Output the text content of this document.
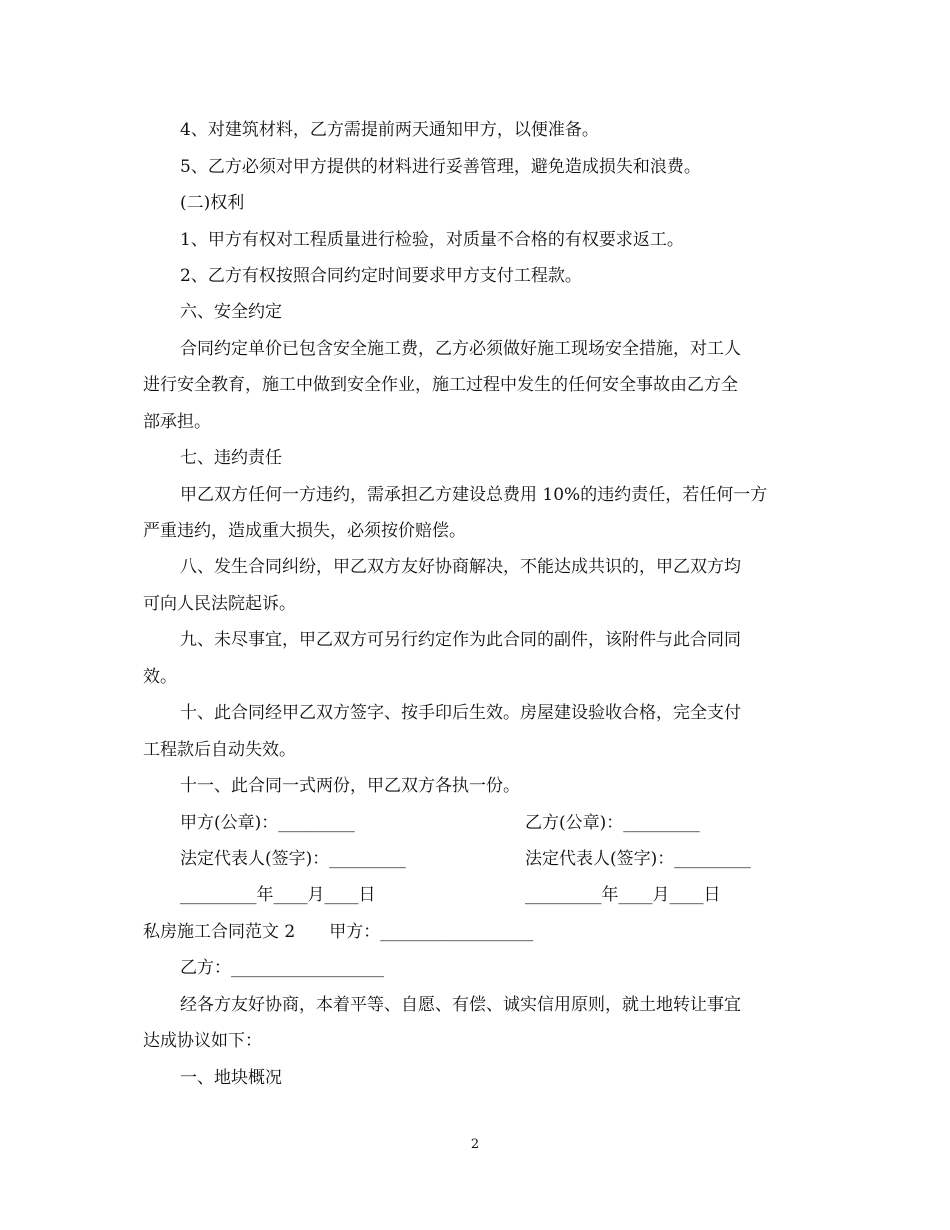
4、对建筑材料，乙方需提前两天通知甲方，以便准备。
5、乙方必须对甲方提供的材料进行妥善管理，避免造成损失和浪费。
(二)权利
1、甲方有权对工程质量进行检验，对质量不合格的有权要求返工。
2、乙方有权按照合同约定时间要求甲方支付工程款。
六、安全约定
合同约定单价已包含安全施工费，乙方必须做好施工现场安全措施，对工人
进行安全教育，施工中做到安全作业，施工过程中发生的任何安全事故由乙方全
部承担。
七、违约责任
甲乙双方任何一方违约，需承担乙方建设总费用 10%的违约责任，若任何一方
严重违约，造成重大损失，必须按价赔偿。
八、发生合同纠纷，甲乙双方友好协商解决，不能达成共识的，甲乙双方均
可向人民法院起诉。
九、未尽事宜，甲乙双方可另行约定作为此合同的副件，该附件与此合同同
效。
十、此合同经甲乙双方签字、按手印后生效。房屋建设验收合格，完全支付
工程款后自动失效。
十一、此合同一式两份，甲乙双方各执一份。
甲方(公章)：_________	乙方(公章)：_________
法定代表人(签字)：_________	法定代表人(签字)：_________
_________年____月____日	_________年____月____日
私房施工合同范文 2　　甲方：__________________
乙方：__________________
经各方友好协商，本着平等、自愿、有偿、诚实信用原则，就土地转让事宜
达成协议如下：
一、地块概况
2
